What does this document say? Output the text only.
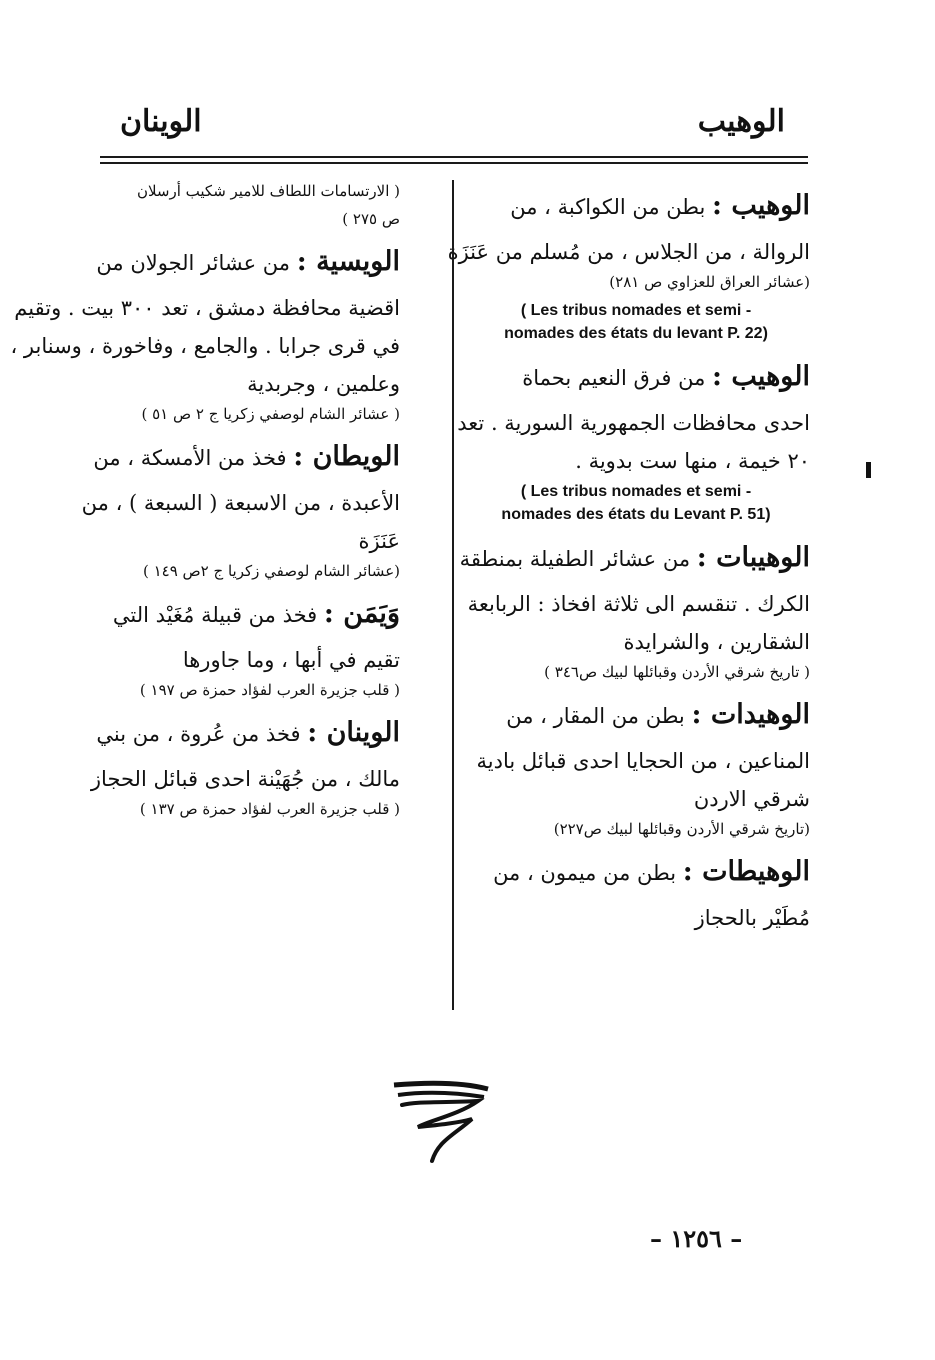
الوهيب
الوينان
الوهيب : بطن من الكواكبة ، من
الروالة ، من الجلاس ، من مُسلم من عَنَزَة
(عشائر العراق للعزاوي ص ٢٨١)
( Les tribus nomades et semi -
nomades des états du levant P. 22)
الوهيب : من فرق النعيم بحماة
احدى محافظات الجمهورية السورية . تعد
٢٠ خيمة ، منها ست بدوية .
( Les tribus nomades et semi -
nomades des états du Levant P. 51)
الوهيبات : من عشائر الطفيلة بمنطقة
الكرك . تنقسم الى ثلاثة افخاذ : الربابعة
الشقارين ، والشرايدة
( تاريخ شرقي الأردن وقبائلها لبيك ص٣٤٦ )
الوهيدات : بطن من المقار ، من
المناعين ، من الحجايا احدى قبائل بادية
شرقي الاردن
(تاريخ شرقي الأردن وقبائلها لبيك ص٢٢٧)
الوهيطات : بطن من ميمون ، من
مُطَيْر بالحجاز
( الارتسامات اللطاف للامير شكيب أرسلان
ص ٢٧٥ )
الويسية : من عشائر الجولان من
اقضية محافظة دمشق ، تعد ٣٠٠ بيت . وتقيم
في قرى جرابا . والجامع ، وفاخورة ، وسنابر ،
وعلمين ، وجربدية
( عشائر الشام لوصفي زكريا ج ٢ ص ٥١ )
الويطان : فخذ من الأمسكة ، من
الأعبدة ، من الاسبعة ( السبعة ) ، من
عَنَزَة
(عشائر الشام لوصفي زكريا ج ٢ص ١٤٩ )
وَيَمَن : فخذ من قبيلة مُغَيْد التي
تقيم في أبها ، وما جاورها
( قلب جزيرة العرب لفؤاد حمزة ص ١٩٧ )
الوينان : فخذ من عُروة ، من بني
مالك ، من جُهَيْنة احدى قبائل الحجاز
( قلب جزيرة العرب لفؤاد حمزة ص ١٣٧ )
– ١٢٥٦ –
